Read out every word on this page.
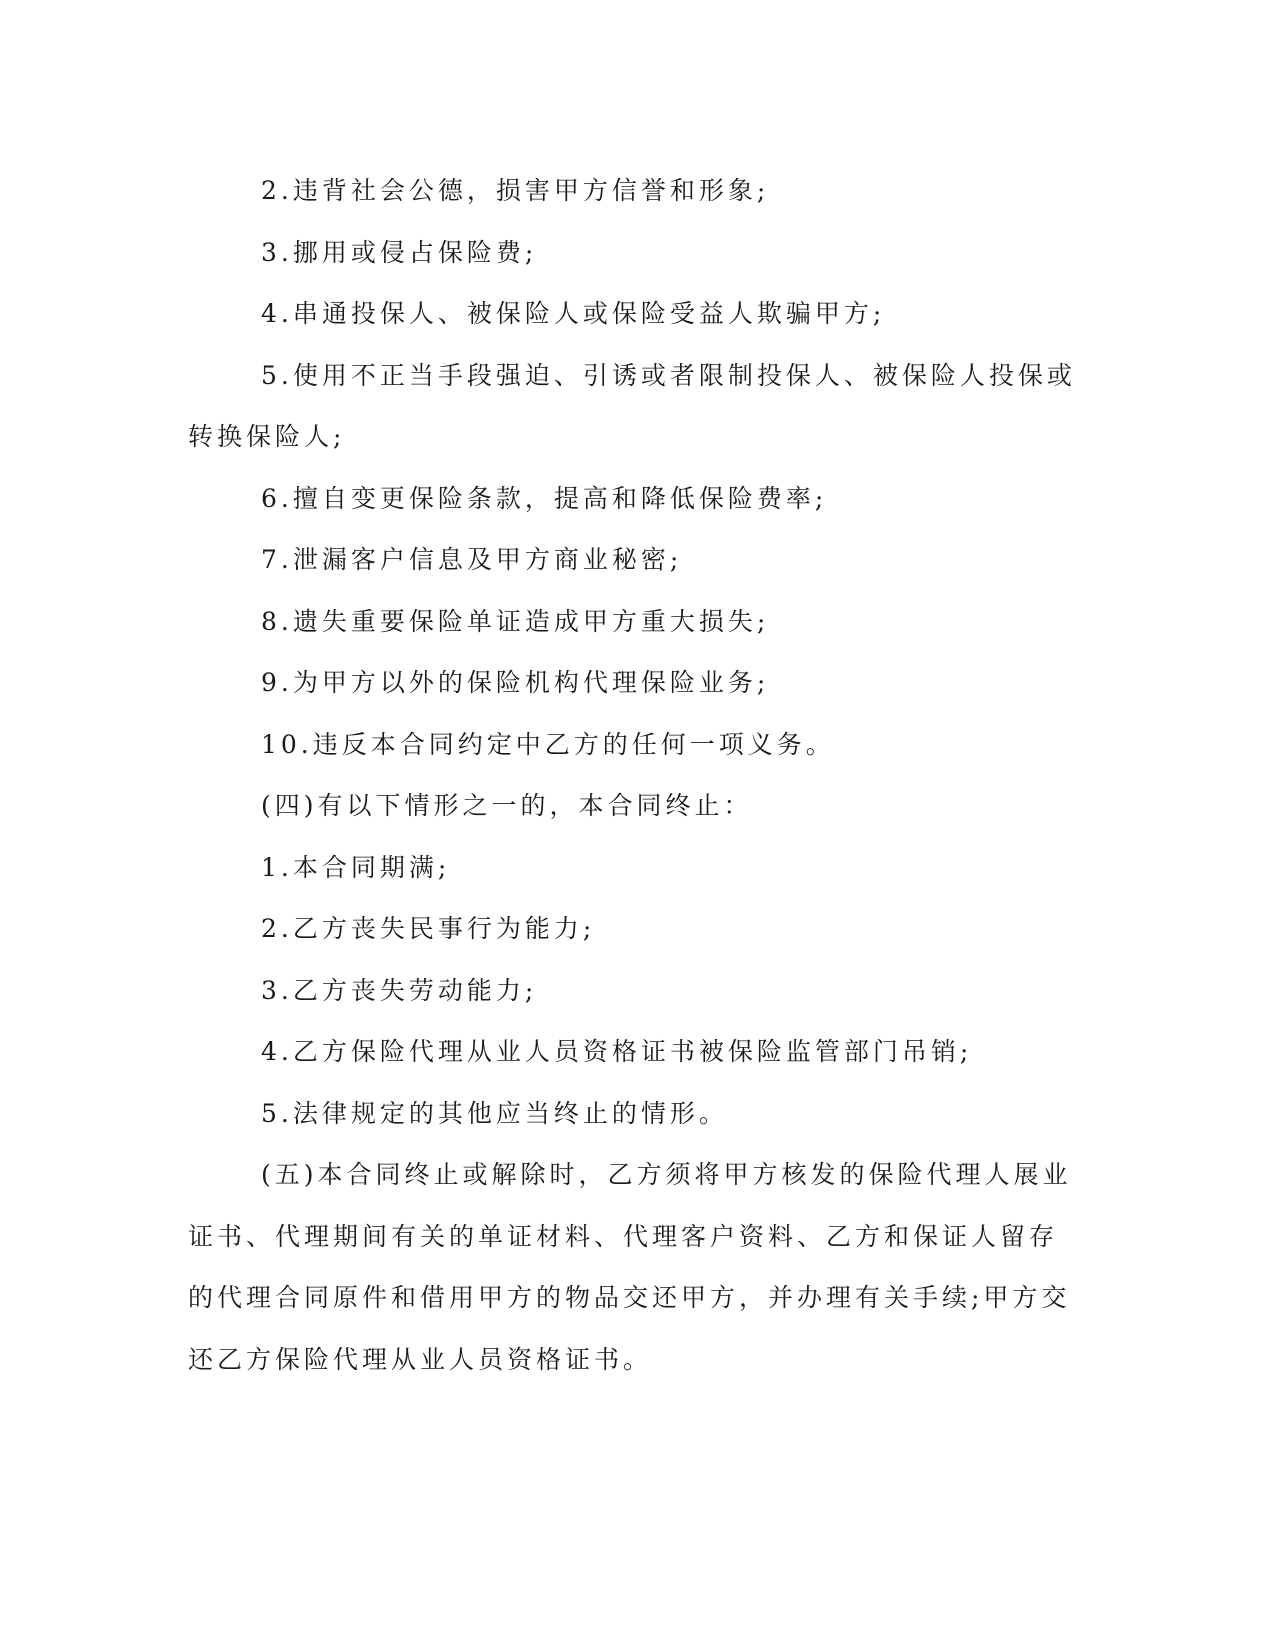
2.违背社会公德，损害甲方信誉和形象;
3.挪用或侵占保险费;
4.串通投保人、被保险人或保险受益人欺骗甲方;
5.使用不正当手段强迫、引诱或者限制投保人、被保险人投保或
转换保险人;
6.擅自变更保险条款，提高和降低保险费率;
7.泄漏客户信息及甲方商业秘密;
8.遗失重要保险单证造成甲方重大损失;
9.为甲方以外的保险机构代理保险业务;
10.违反本合同约定中乙方的任何一项义务。
(四)有以下情形之一的，本合同终止：
1.本合同期满;
2.乙方丧失民事行为能力;
3.乙方丧失劳动能力;
4.乙方保险代理从业人员资格证书被保险监管部门吊销;
5.法律规定的其他应当终止的情形。
(五)本合同终止或解除时，乙方须将甲方核发的保险代理人展业
证书、代理期间有关的单证材料、代理客户资料、乙方和保证人留存
的代理合同原件和借用甲方的物品交还甲方，并办理有关手续;甲方交
还乙方保险代理从业人员资格证书。
